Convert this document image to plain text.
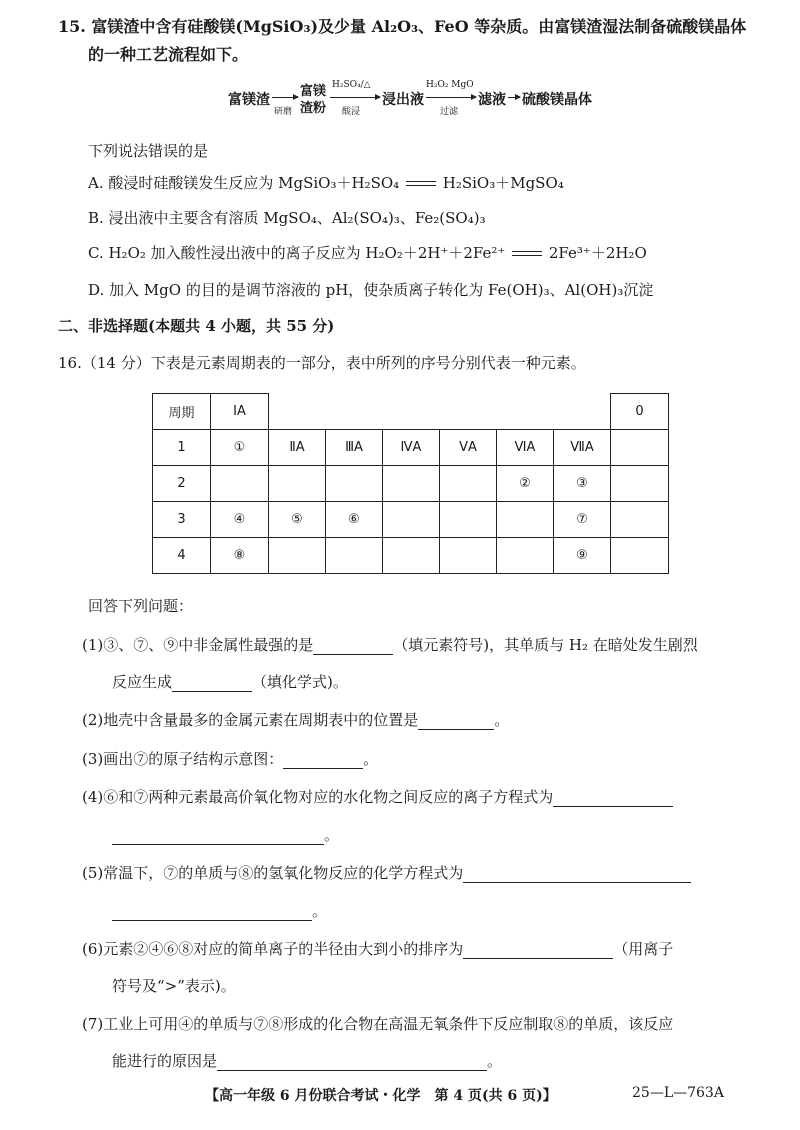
15. 富镁渣中含有硅酸镁(MgSiO₃)及少量 Al₂O₃、FeO 等杂质。由富镁渣湿法制备硫酸镁晶体
的一种工艺流程如下。
富镁渣
研磨
富镁
渣粉
H₂SO₄/△
酸浸
浸出液
H₂O₂ MgO
过滤
滤液 硫酸镁晶体
下列说法错误的是
A. 酸浸时硅酸镁发生反应为 MgSiO₃＋H₂SO₄	H₂SiO₃＋MgSO₄
B. 浸出液中主要含有溶质 MgSO₄、Al₂(SO₄)₃、Fe₂(SO₄)₃
C. H₂O₂ 加入酸性浸出液中的离子反应为 H₂O₂＋2H⁺＋2Fe²⁺	2Fe³⁺＋2H₂O
D. 加入 MgO 的目的是调节溶液的 pH，使杂质离子转化为 Fe(OH)₃、Al(OH)₃沉淀
二、非选择题(本题共 4 小题，共 55 分)
16.（14 分）下表是元素周期表的一部分，表中所列的序号分别代表一种元素。
周期	ⅠA							0
1	①	ⅡA	ⅢA	ⅣA	ⅤA	ⅥA	ⅦA	
2						②	③	
3	④	⑤	⑥				⑦	
4	⑧						⑨	
回答下列问题：
(1)③、⑦、⑨中非金属性最强的是	（填元素符号)，其单质与 H₂ 在暗处发生剧烈
反应生成	（填化学式)。
(2)地壳中含量最多的金属元素在周期表中的位置是	。
(3)画出⑦的原子结构示意图：	。
(4)⑥和⑦两种元素最高价氧化物对应的水化物之间反应的离子方程式为
。
(5)常温下，⑦的单质与⑧的氢氧化物反应的化学方程式为
。
(6)元素②④⑥⑧对应的简单离子的半径由大到小的排序为	（用离子
符号及“>”表示)。
(7)工业上可用④的单质与⑦⑧形成的化合物在高温无氧条件下反应制取⑧的单质，该反应
能进行的原因是	。
【高一年级 6 月份联合考试・化学　第 4 页(共 6 页)】	25—L—763A
